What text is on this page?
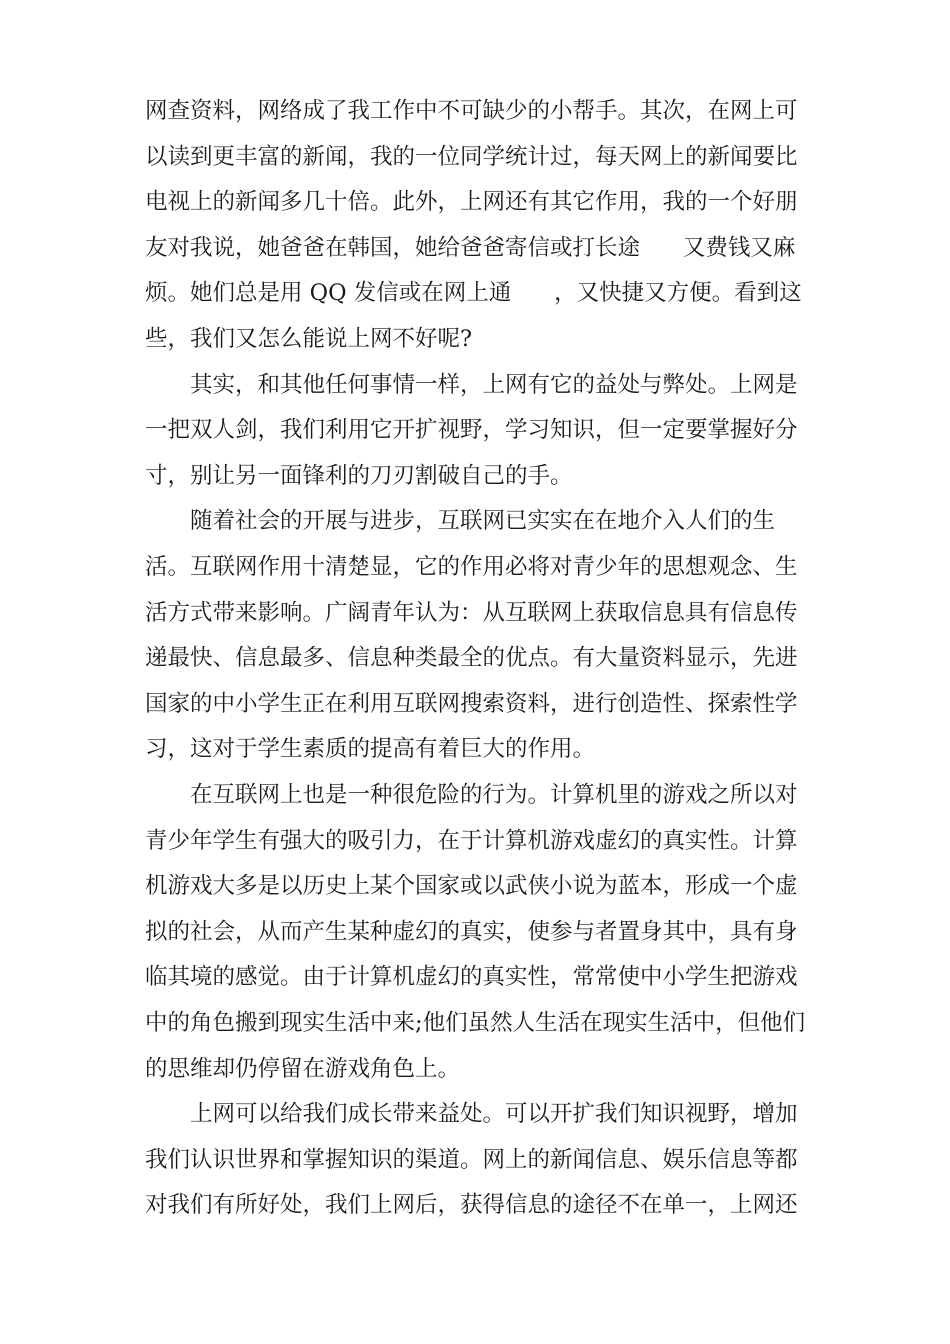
网查资料，网络成了我工作中不可缺少的小帮手。其次，在网上可
以读到更丰富的新闻，我的一位同学统计过，每天网上的新闻要比
电视上的新闻多几十倍。此外，上网还有其它作用，我的一个好朋
友对我说，她爸爸在韩国，她给爸爸寄信或打长途      又费钱又麻
烦。她们总是用 QQ 发信或在网上通      ，又快捷又方便。看到这
些，我们又怎么能说上网不好呢?
其实，和其他任何事情一样，上网有它的益处与弊处。上网是
一把双人剑，我们利用它开扩视野，学习知识，但一定要掌握好分
寸，别让另一面锋利的刀刃割破自己的手。
随着社会的开展与进步，互联网已实实在在地介入人们的生
活。互联网作用十清楚显，它的作用必将对青少年的思想观念、生
活方式带来影响。广阔青年认为：从互联网上获取信息具有信息传
递最快、信息最多、信息种类最全的优点。有大量资料显示，先进
国家的中小学生正在利用互联网搜索资料，进行创造性、探索性学
习，这对于学生素质的提高有着巨大的作用。
在互联网上也是一种很危险的行为。计算机里的游戏之所以对
青少年学生有强大的吸引力，在于计算机游戏虚幻的真实性。计算
机游戏大多是以历史上某个国家或以武侠小说为蓝本，形成一个虚
拟的社会，从而产生某种虚幻的真实，使参与者置身其中，具有身
临其境的感觉。由于计算机虚幻的真实性，常常使中小学生把游戏
中的角色搬到现实生活中来;他们虽然人生活在现实生活中，但他们
的思维却仍停留在游戏角色上。
上网可以给我们成长带来益处。可以开扩我们知识视野，增加
我们认识世界和掌握知识的渠道。网上的新闻信息、娱乐信息等都
对我们有所好处，我们上网后，获得信息的途径不在单一，上网还
